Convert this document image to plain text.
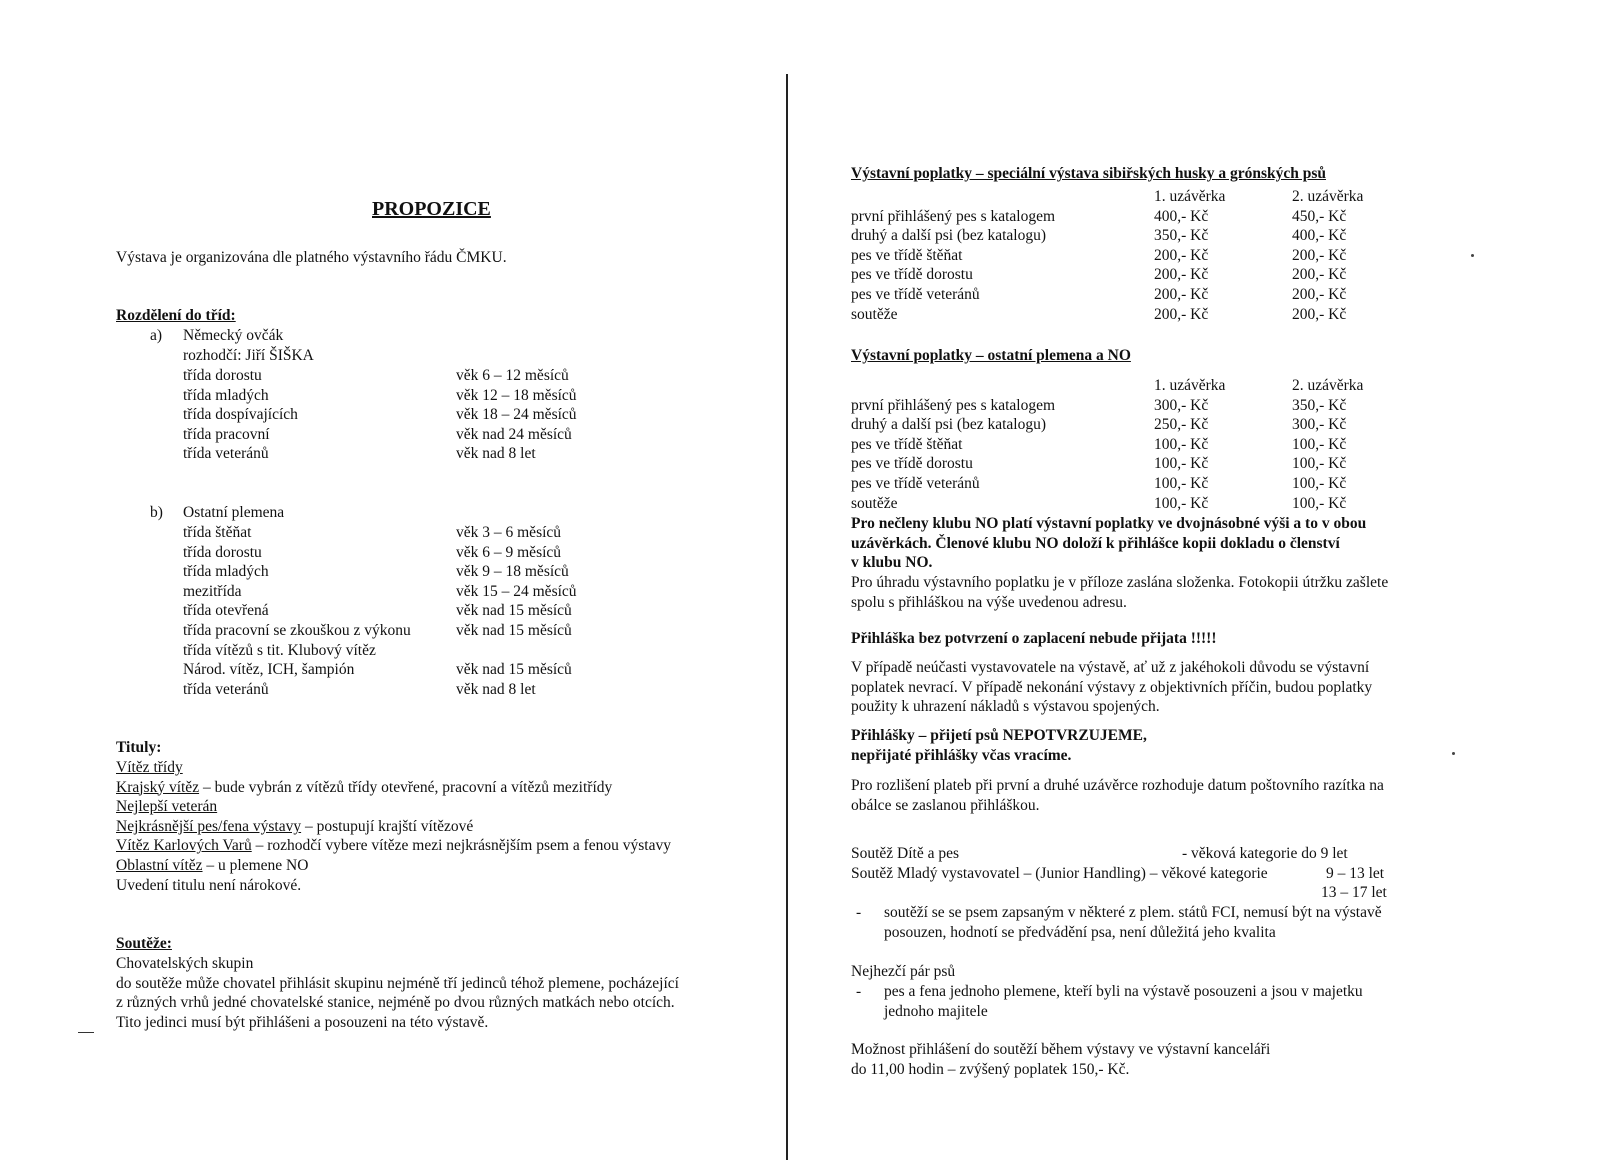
PROPOZICE
Výstava je organizována dle platného výstavního řádu ČMKU.
Rozdělení do tříd:
a) Německý ovčák
rozhodčí: Jiří ŠIŠKA
třída dorostu	věk 6 – 12 měsíců
třída mladých	věk 12 – 18 měsíců
třída dospívajících	věk 18 – 24 měsíců
třída pracovní	věk nad 24 měsíců
třída veteránů	věk nad 8 let
b) Ostatní plemena
třída štěňat	věk 3 – 6 měsíců
třída dorostu	věk 6 – 9 měsíců
třída mladých	věk 9 – 18 měsíců
mezitřída	věk 15 – 24 měsíců
třída otevřená	věk nad 15 měsíců
třída pracovní se zkouškou z výkonu	věk nad 15 měsíců
třída vítězů s tit. Klubový vítěz
Národ. vítěz, ICH, šampión	věk nad 15 měsíců
třída veteránů	věk nad 8 let
Tituly:
Vítěz třídy
Krajský vítěz – bude vybrán z vítězů třídy otevřené, pracovní a vítězů mezitřídy
Nejlepší veterán
Nejkrásnější pes/fena výstavy – postupují krajští vítězové
Vítěz Karlových Varů – rozhodčí vybere vítěze mezi nejkrásnějším psem a fenou výstavy
Oblastní vítěz – u plemene NO
Uvedení titulu není nárokové.
Soutěže:
Chovatelských skupin
do soutěže může chovatel přihlásit skupinu nejméně tří jedinců téhož plemene, pocházející
z různých vrhů jedné chovatelské stanice, nejméně po dvou různých matkách nebo otcích.
Tito jedinci musí být přihlášeni a posouzeni na této výstavě.
Výstavní poplatky – speciální výstava sibiřských husky a grónských psů
1. uzávěrka	2. uzávěrka
první přihlášený pes s katalogem	400,- Kč	450,- Kč
druhý a další psi (bez katalogu)	350,- Kč	400,- Kč
pes ve třídě štěňat	200,- Kč	200,- Kč
pes ve třídě dorostu	200,- Kč	200,- Kč
pes ve třídě veteránů	200,- Kč	200,- Kč
soutěže	200,- Kč	200,- Kč
Výstavní poplatky – ostatní plemena a NO
1. uzávěrka	2. uzávěrka
první přihlášený pes s katalogem	300,- Kč	350,- Kč
druhý a další psi (bez katalogu)	250,- Kč	300,- Kč
pes ve třídě štěňat	100,- Kč	100,- Kč
pes ve třídě dorostu	100,- Kč	100,- Kč
pes ve třídě veteránů	100,- Kč	100,- Kč
soutěže	100,- Kč	100,- Kč
Pro nečleny klubu NO platí výstavní poplatky ve dvojnásobné výši a to v obou
uzávěrkách. Členové klubu NO doloží k přihlášce kopii dokladu o členství
v klubu NO.
Pro úhradu výstavního poplatku je v příloze zaslána složenka. Fotokopii útržku zašlete
spolu s přihláškou na výše uvedenou adresu.
Přihláška bez potvrzení o zaplacení nebude přijata !!!!!
V případě neúčasti vystavovatele na výstavě, ať už z jakéhokoli důvodu se výstavní
poplatek nevrací. V případě nekonání výstavy z objektivních příčin, budou poplatky
použity k uhrazení nákladů s výstavou spojených.
Přihlášky – přijetí psů NEPOTVRZUJEME,
nepřijaté přihlášky včas vracíme.
Pro rozlišení plateb při první a druhé uzávěrce rozhoduje datum poštovního razítka na
obálce se zaslanou přihláškou.
Soutěž Dítě a pes	- věková kategorie do 9 let
Soutěž Mladý vystavovatel – (Junior Handling) – věkové kategorie	9 – 13 let
13 – 17 let
- soutěží se se psem zapsaným v některé z plem. států FCI, nemusí být na výstavě
posouzen, hodnotí se předvádění psa, není důležitá jeho kvalita
Nejhezčí pár psů
- pes a fena jednoho plemene, kteří byli na výstavě posouzeni a jsou v majetku
jednoho majitele
Možnost přihlášení do soutěží během výstavy ve výstavní kanceláři
do 11,00 hodin – zvýšený poplatek 150,- Kč.
